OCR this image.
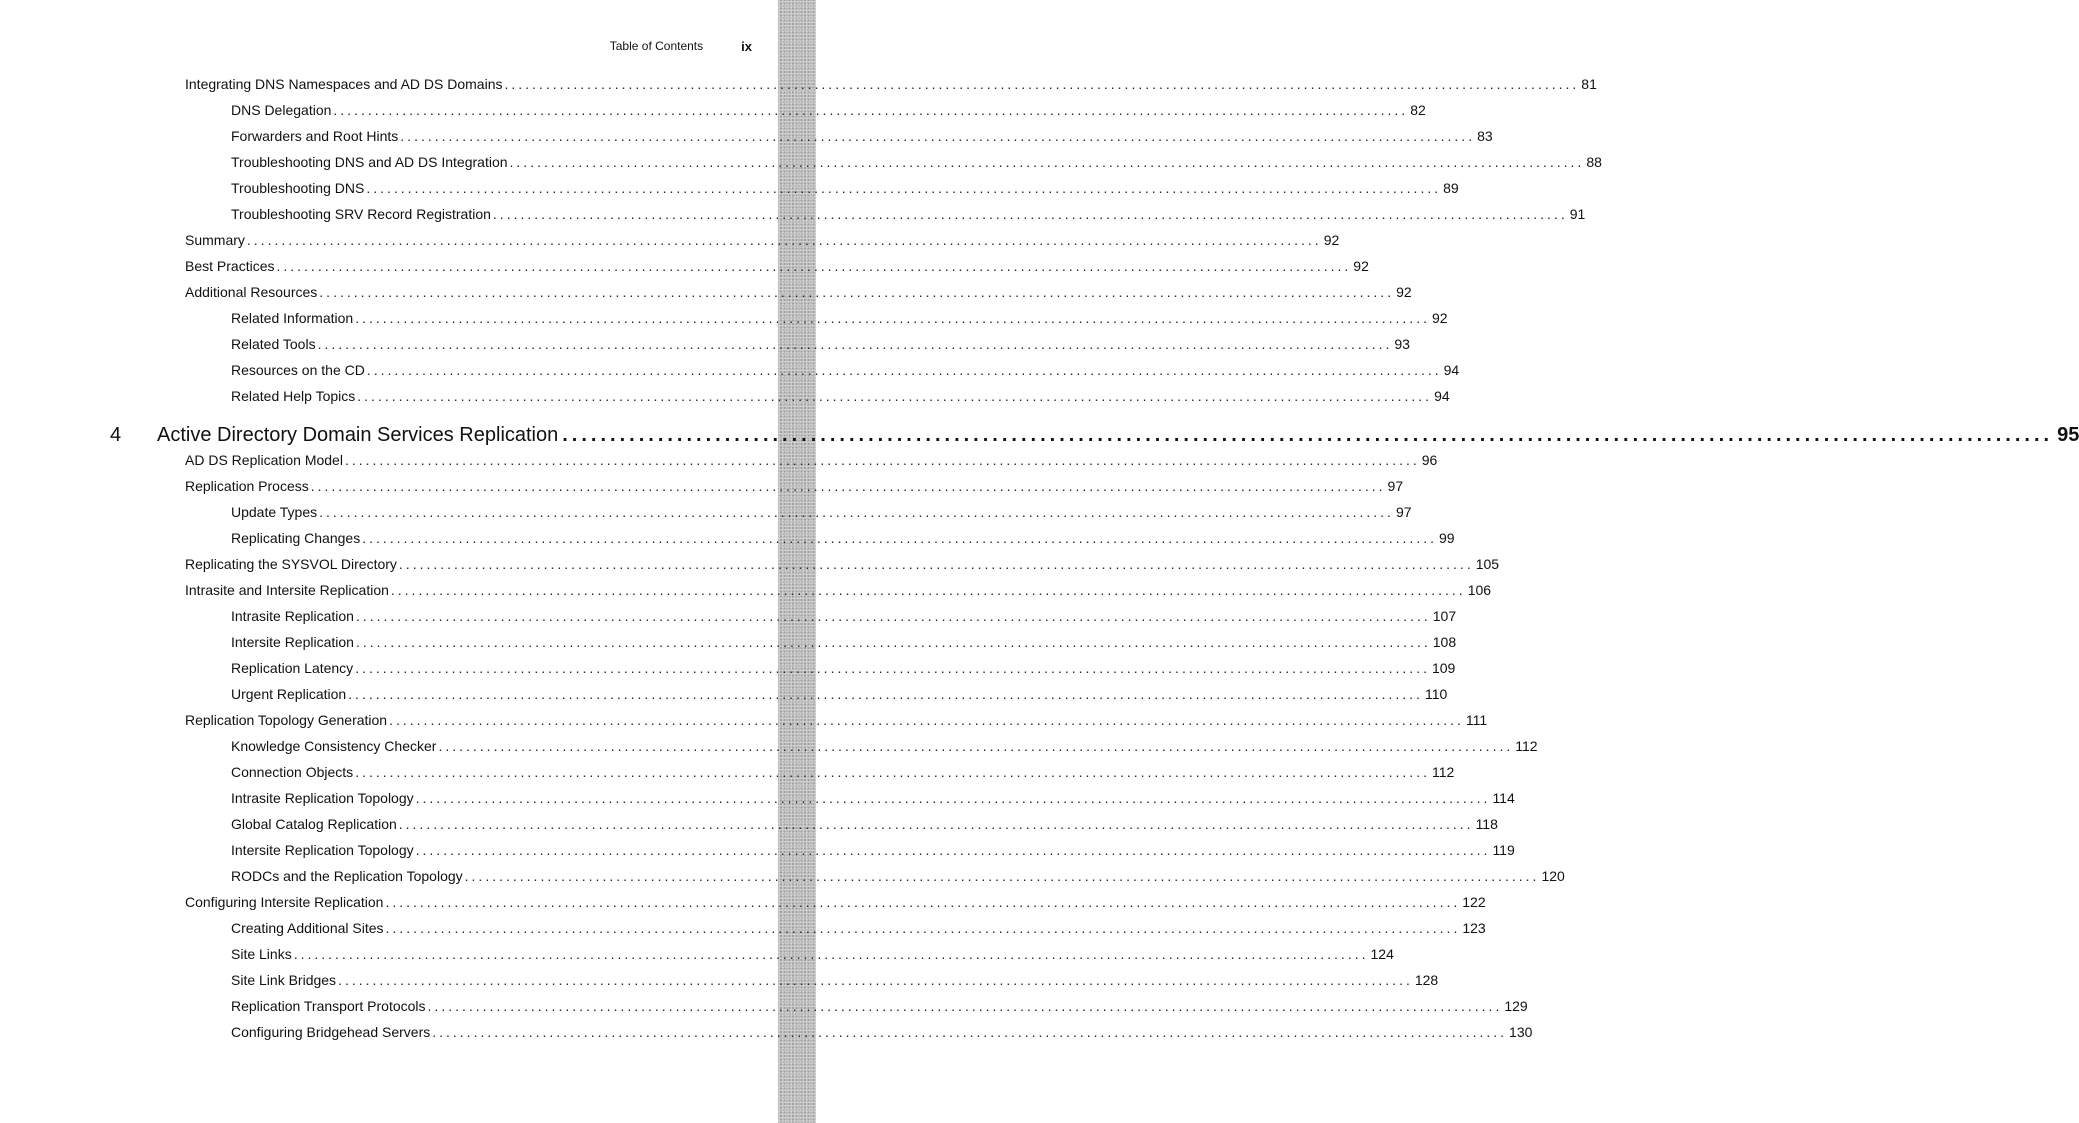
Table of Contents	ix
Integrating DNS Namespaces and AD DS Domains ............................................................................................................................................................ 81
DNS Delegation ............................................................................................................................................................ 82
Forwarders and Root Hints ............................................................................................................................................................ 83
Troubleshooting DNS and AD DS Integration ............................................................................................................................................................ 88
Troubleshooting DNS ............................................................................................................................................................ 89
Troubleshooting SRV Record Registration ............................................................................................................................................................ 91
Summary ............................................................................................................................................................ 92
Best Practices ............................................................................................................................................................ 92
Additional Resources ............................................................................................................................................................ 92
Related Information ............................................................................................................................................................ 92
Related Tools ............................................................................................................................................................ 93
Resources on the CD ............................................................................................................................................................ 94
Related Help Topics ............................................................................................................................................................ 94
4	Active Directory Domain Services Replication ............................................................................................................................................................ 95
AD DS Replication Model ............................................................................................................................................................ 96
Replication Process ............................................................................................................................................................ 97
Update Types ............................................................................................................................................................ 97
Replicating Changes ............................................................................................................................................................ 99
Replicating the SYSVOL Directory ............................................................................................................................................................ 105
Intrasite and Intersite Replication ............................................................................................................................................................ 106
Intrasite Replication ............................................................................................................................................................ 107
Intersite Replication ............................................................................................................................................................ 108
Replication Latency ............................................................................................................................................................ 109
Urgent Replication ............................................................................................................................................................ 110
Replication Topology Generation ............................................................................................................................................................ 111
Knowledge Consistency Checker ............................................................................................................................................................ 112
Connection Objects ............................................................................................................................................................ 112
Intrasite Replication Topology ............................................................................................................................................................ 114
Global Catalog Replication ............................................................................................................................................................ 118
Intersite Replication Topology ............................................................................................................................................................ 119
RODCs and the Replication Topology ............................................................................................................................................................ 120
Configuring Intersite Replication ............................................................................................................................................................ 122
Creating Additional Sites ............................................................................................................................................................ 123
Site Links ............................................................................................................................................................ 124
Site Link Bridges ............................................................................................................................................................ 128
Replication Transport Protocols ............................................................................................................................................................ 129
Configuring Bridgehead Servers ............................................................................................................................................................ 130
